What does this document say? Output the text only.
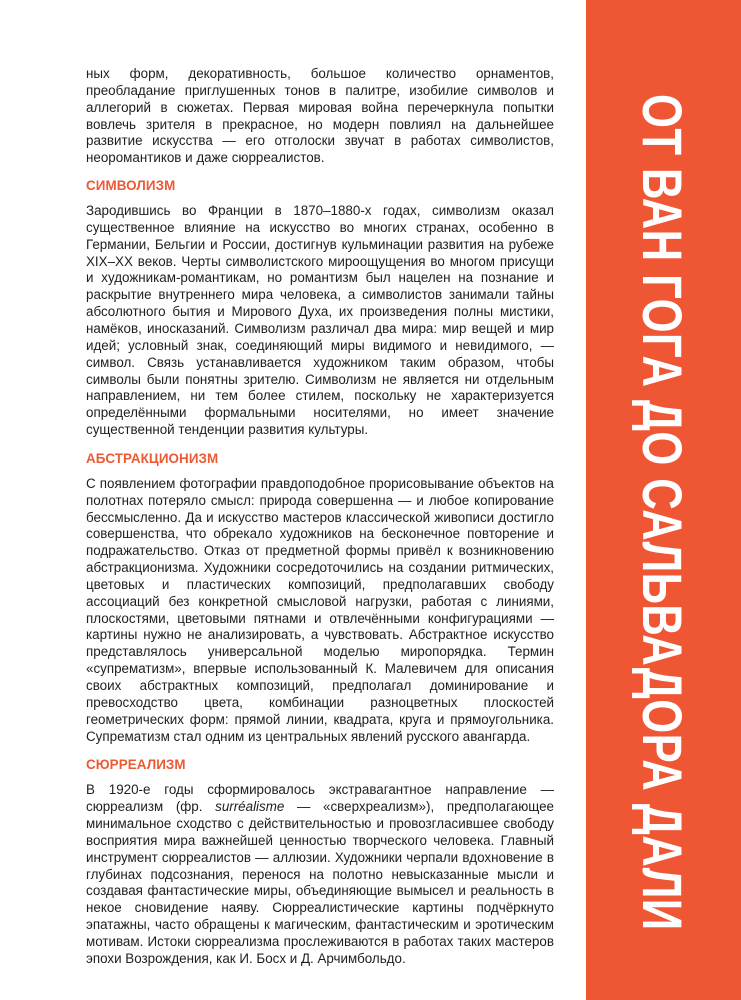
ных форм, декоративность, большое количество орнаментов, преобладание приглушенных тонов в палитре, изобилие символов и аллегорий в сюжетах. Первая мировая война перечеркнула попытки вовлечь зрителя в прекрасное, но модерн повлиял на дальнейшее развитие искусства — его отголоски звучат в работах символистов, неоромантиков и даже сюрреалистов.

СИМВОЛИЗМ

Зародившись во Франции в 1870–1880-х годах, символизм оказал существенное влияние на искусство во многих странах, особенно в Германии, Бельгии и России, достигнув кульминации развития на рубеже XIX–XX веков. Черты символистского мироощущения во многом присущи и художникам-романтикам, но романтизм был нацелен на познание и раскрытие внутреннего мира человека, а символистов занимали тайны абсолютного бытия и Мирового Духа, их произведения полны мистики, намёков, иносказаний. Символизм различал два мира: мир вещей и мир идей; условный знак, соединяющий миры видимого и невидимого, — символ. Связь устанавливается художником таким образом, чтобы символы были понятны зрителю. Символизм не является ни отдельным направлением, ни тем более стилем, поскольку не характеризуется определёнными формальными носителями, но имеет значение существенной тенденции развития культуры.

АБСТРАКЦИОНИЗМ

С появлением фотографии правдоподобное прорисовывание объектов на полотнах потеряло смысл: природа совершенна — и любое копирование бессмысленно. Да и искусство мастеров классической живописи достигло совершенства, что обрекало художников на бесконечное повторение и подражательство. Отказ от предметной формы привёл к возникновению абстракционизма. Художники сосредоточились на создании ритмических, цветовых и пластических композиций, предполагавших свободу ассоциаций без конкретной смысловой нагрузки, работая с линиями, плоскостями, цветовыми пятнами и отвлечёнными конфигурациями — картины нужно не анализировать, а чувствовать. Абстрактное искусство представлялось универсальной моделью миропорядка. Термин «супрематизм», впервые использованный К. Малевичем для описания своих абстрактных композиций, предполагал доминирование и превосходство цвета, комбинации разноцветных плоскостей геометрических форм: прямой линии, квадрата, круга и прямоугольника. Супрематизм стал одним из центральных явлений русского авангарда.

СЮРРЕАЛИЗМ

В 1920-е годы сформировалось экстравагантное направление — сюрреализм (фр. surréalisme — «сверхреализм»), предполагающее минимальное сходство с действительностью и провозгласившее свободу восприятия мира важнейшей ценностью творческого человека. Главный инструмент сюрреалистов — аллюзии. Художники черпали вдохновение в глубинах подсознания, перенося на полотно невысказанные мысли и создавая фантастические миры, объединяющие вымысел и реальность в некое сновидение наяву. Сюрреалистические картины подчёркнуто эпатажны, часто обращены к магическим, фантастическим и эротическим мотивам. Истоки сюрреализма прослеживаются в работах таких мастеров эпохи Возрождения, как И. Босх и Д. Арчимбольдо.

ОТ ВАН ГОГА ДО САЛЬВАДОРА ДАЛИ
